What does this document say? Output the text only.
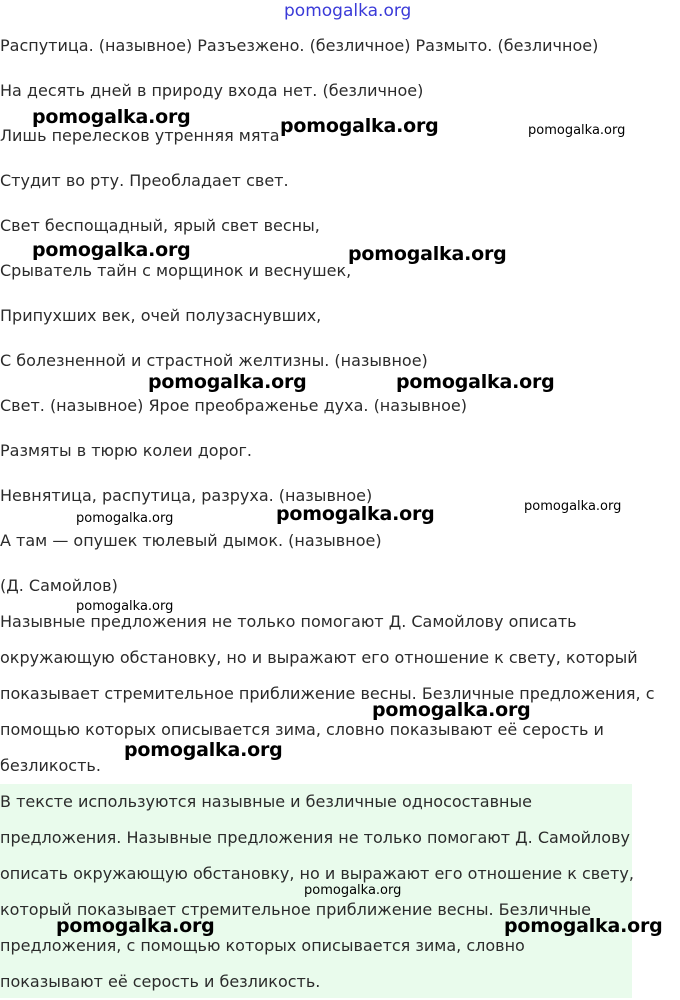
pomogalka.org
Распутица. (назывное) Разъезжено. (безличное) Размыто. (безличное)
На десять дней в природу входа нет. (безличное)
Лишь перелесков утренняя мята
Студит во рту. Преобладает свет.
Свет беспощадный, ярый свет весны,
Срыватель тайн с морщинок и веснушек,
Припухших век, очей полузаснувших,
С болезненной и страстной желтизны. (назывное)
Свет. (назывное) Ярое преображенье духа. (назывное)
Размяты в тюрю колеи дорог.
Невнятица, распутица, разруха. (назывное)
А там — опушек тюлевый дымок. (назывное)
(Д. Самойлов)
Назывные предложения не только помогают Д. Самойлову описать
окружающую обстановку, но и выражают его отношение к свету, который
показывает стремительное приближение весны. Безличные предложения, с
помощью которых описывается зима, словно показывают её серость и
безликость.
В тексте используются назывные и безличные односоставные
предложения. Назывные предложения не только помогают Д. Самойлову
описать окружающую обстановку, но и выражают его отношение к свету,
который показывает стремительное приближение весны. Безличные
предложения, с помощью которых описывается зима, словно
показывают её серость и безликость.
pomogalka.org	pomogalka.org	pomogalka.org
pomogalka.org	pomogalka.org
pomogalka.org	pomogalka.org
pomogalka.org
pomogalka.org	pomogalka.org
pomogalka.org
pomogalka.org
pomogalka.org
pomogalka.org
pomogalka.org	pomogalka.org
